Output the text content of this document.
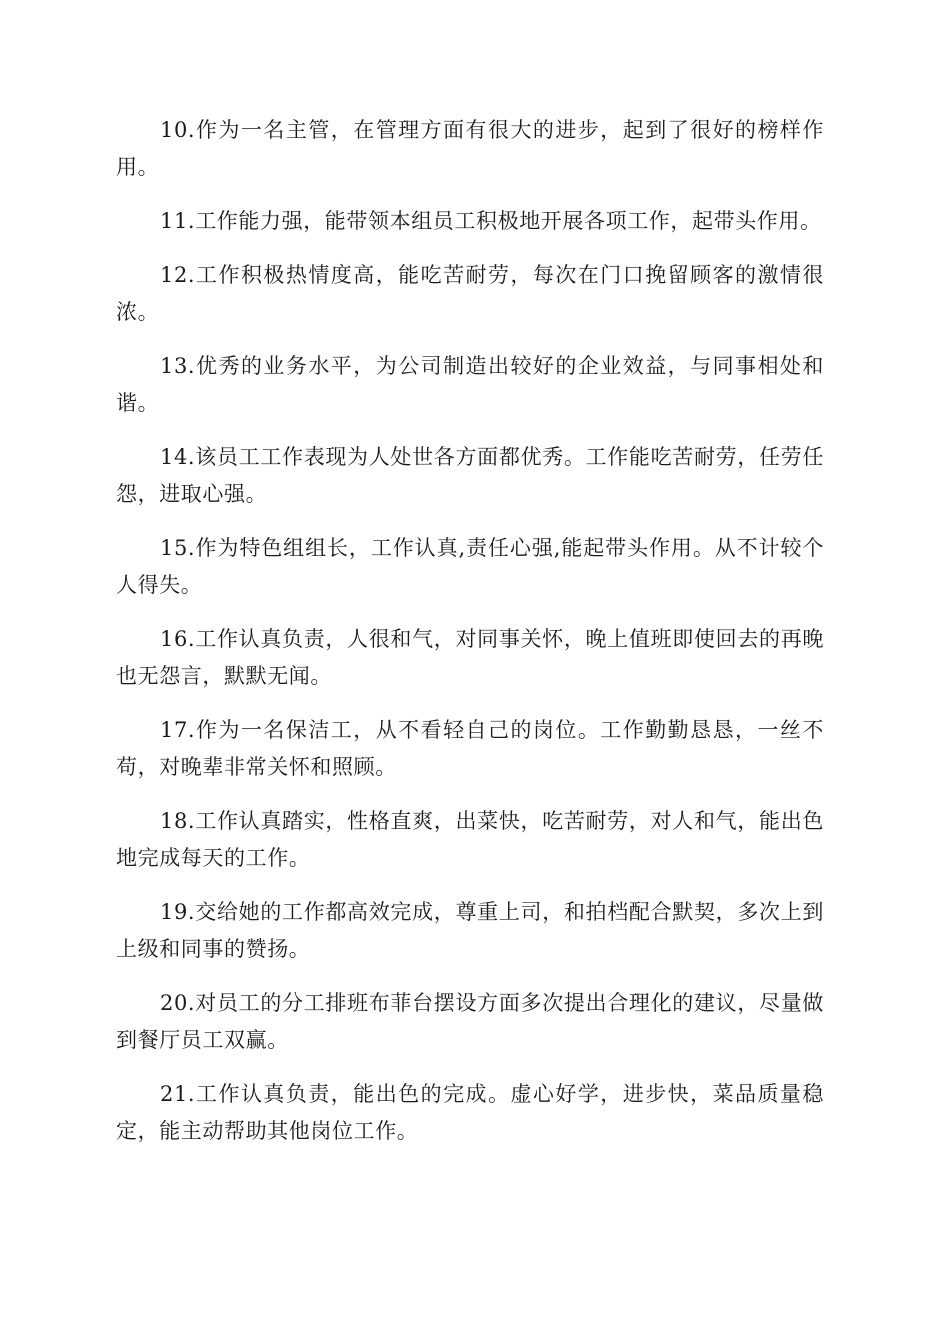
10.作为一名主管，在管理方面有很大的进步，起到了很好的榜样作用。

11.工作能力强，能带领本组员工积极地开展各项工作，起带头作用。

12.工作积极热情度高，能吃苦耐劳，每次在门口挽留顾客的激情很浓。

13.优秀的业务水平，为公司制造出较好的企业效益，与同事相处和谐。

14.该员工工作表现为人处世各方面都优秀。工作能吃苦耐劳，任劳任怨，进取心强。

15.作为特色组组长，工作认真,责任心强,能起带头作用。从不计较个人得失。

16.工作认真负责，人很和气，对同事关怀，晚上值班即使回去的再晚也无怨言，默默无闻。

17.作为一名保洁工，从不看轻自己的岗位。工作勤勤恳恳，一丝不苟，对晚辈非常关怀和照顾。

18.工作认真踏实，性格直爽，出菜快，吃苦耐劳，对人和气，能出色地完成每天的工作。

19.交给她的工作都高效完成，尊重上司，和拍档配合默契，多次上到上级和同事的赞扬。

20.对员工的分工排班布菲台摆设方面多次提出合理化的建议，尽量做到餐厅员工双赢。

21.工作认真负责，能出色的完成。虚心好学，进步快，菜品质量稳定，能主动帮助其他岗位工作。
